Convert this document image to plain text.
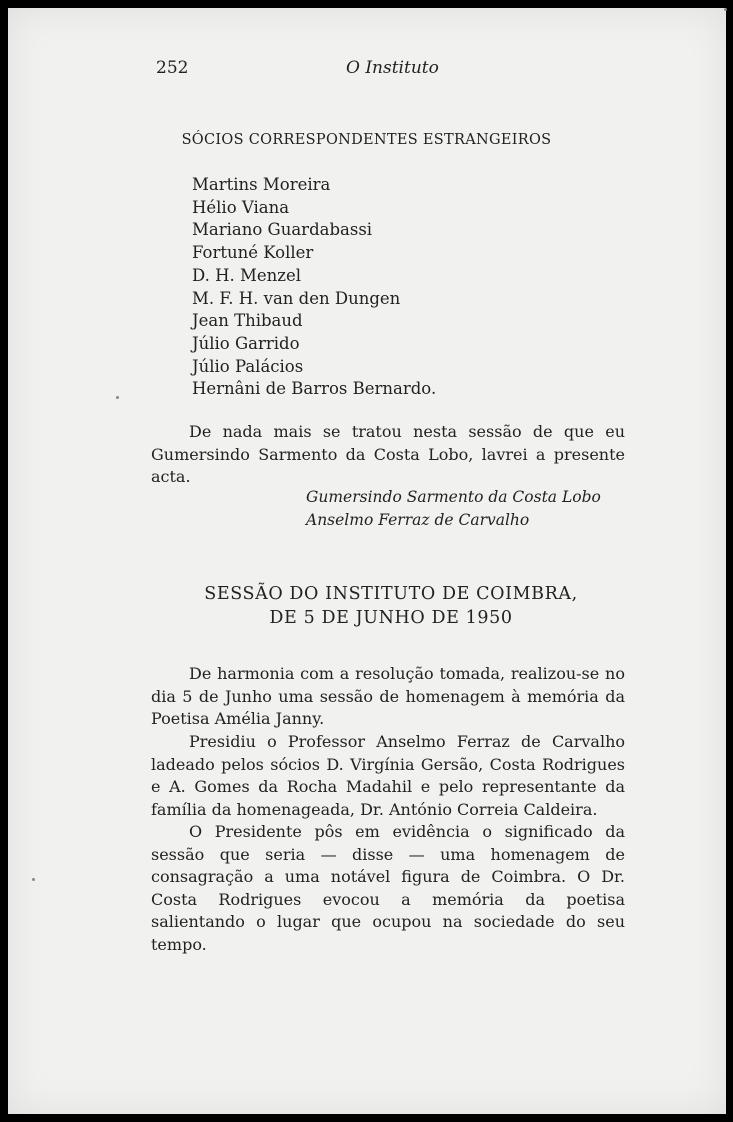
252	O Instituto
SÓCIOS CORRESPONDENTES ESTRANGEIROS
Martins Moreira
Hélio Viana
Mariano Guardabassi
Fortuné Koller
D. H. Menzel
M. F. H. van den Dungen
Jean Thibaud
Júlio Garrido
Júlio Palácios
Hernâni de Barros Bernardo.

De nada mais se tratou nesta sessão de que eu Gumersindo Sarmento da Costa Lobo, lavrei a presente acta.

Gumersindo Sarmento da Costa Lobo
Anselmo Ferraz de Carvalho
SESSÃO DO INSTITUTO DE COIMBRA,
DE 5 DE JUNHO DE 1950

De harmonia com a resolução tomada, realizou-se no dia 5 de Junho uma sessão de homenagem à memória da Poetisa Amélia Janny.

Presidiu o Professor Anselmo Ferraz de Carvalho ladeado pelos sócios D. Virgínia Gersão, Costa Rodrigues e A. Gomes da Rocha Madahil e pelo representante da família da homenageada, Dr. António Correia Caldeira.

O Presidente pôs em evidência o significado da sessão que seria — disse — uma homenagem de consagração a uma notável figura de Coimbra. O Dr. Costa Rodrigues evocou a memória da poetisa salientando o lugar que ocupou na sociedade do seu tempo.
